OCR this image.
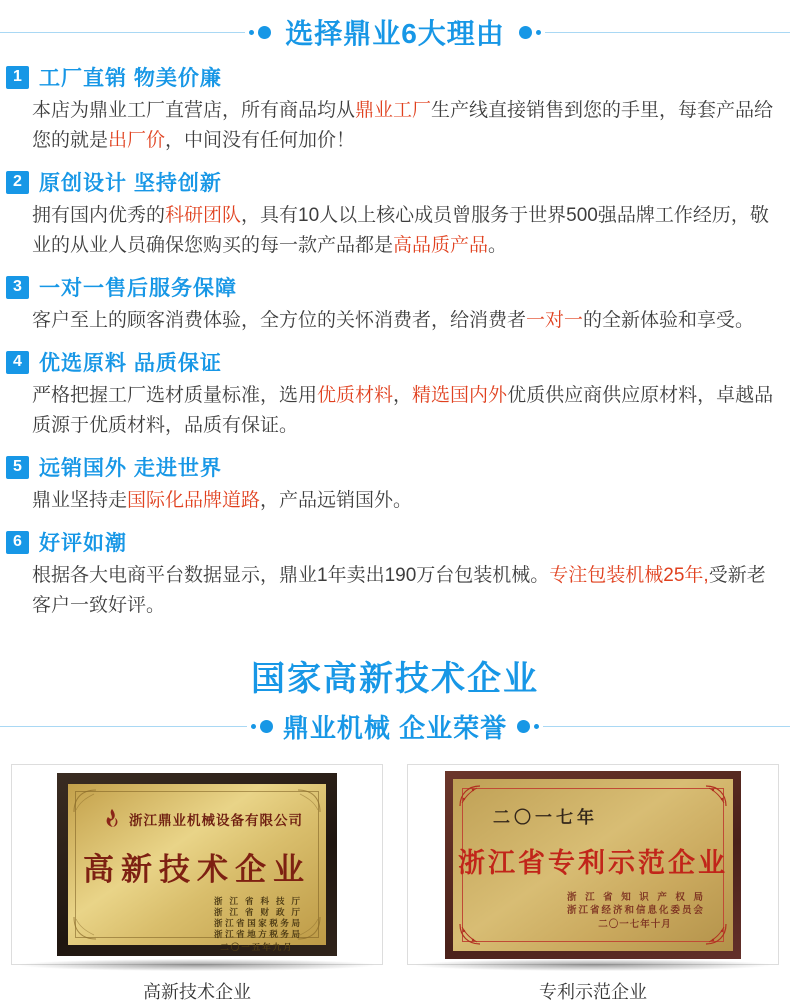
选择鼎业6大理由
1 工厂直销 物美价廉

本店为鼎业工厂直营店，所有商品均从鼎业工厂生产线直接销售到您的手里，每套产品给您的就是出厂价，中间没有任何加价！

2 原创设计 坚持创新

拥有国内优秀的科研团队，具有10人以上核心成员曾服务于世界500强品牌工作经历，敬业的从业人员确保您购买的每一款产品都是高品质产品。

3 一对一售后服务保障

客户至上的顾客消费体验，全方位的关怀消费者，给消费者一对一的全新体验和享受。

4 优选原料 品质保证

严格把握工厂选材质量标准，选用优质材料，精选国内外优质供应商供应原材料，卓越品质源于优质材料，品质有保证。

5 远销国外 走进世界

鼎业坚持走国际化品牌道路，产品远销国外。

6 好评如潮

根据各大电商平台数据显示，鼎业1年卖出190万台包装机械。专注包装机械25年,受新老客户一致好评。

国家高新技术企业
鼎业机械 企业荣誉
浙江鼎业机械设备有限公司
高新技术企业
浙江省科技厅
浙江省财政厅
浙江省国家税务局
浙江省地方税务局
二〇一五年九月
高新技术企业
二〇一七年
浙江省专利示范企业
浙江省知识产权局
浙江省经济和信息化委员会
二〇一七年十月
专利示范企业
